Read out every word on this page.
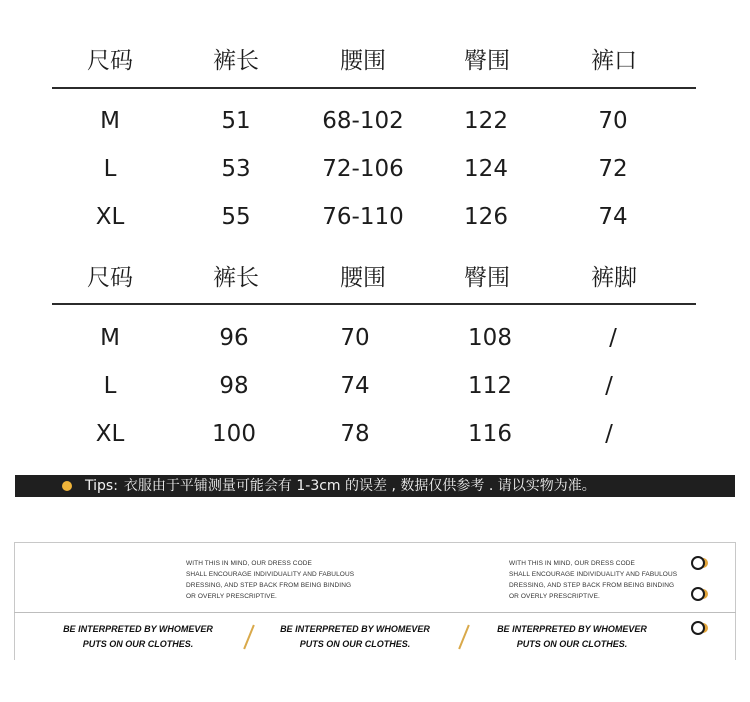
尺码	裤长	腰围	臀围	裤口
M	51	68-102	122	70
L	53	72-106	124	72
XL	55	76-110	126	74
尺码	裤长	腰围	臀围	裤脚
M	96	70	108	/
L	98	74	112	/
XL	100	78	116	/
Tips: 衣服由于平铺测量可能会有 1-3cm 的误差 , 数据仅供参考 . 请以实物为准。
WITH THIS IN MIND, OUR DRESS CODE
SHALL ENCOURAGE INDIVIDUALITY AND FABULOUS
DRESSING, AND STEP BACK FROM BEING BINDING
OR OVERLY PRESCRIPTIVE.
WITH THIS IN MIND, OUR DRESS CODE
SHALL ENCOURAGE INDIVIDUALITY AND FABULOUS
DRESSING, AND STEP BACK FROM BEING BINDING
OR OVERLY PRESCRIPTIVE.
BE INTERPRETED BY WHOMEVER
PUTS ON OUR CLOTHES.
BE INTERPRETED BY WHOMEVER
PUTS ON OUR CLOTHES.
BE INTERPRETED BY WHOMEVER
PUTS ON OUR CLOTHES.
